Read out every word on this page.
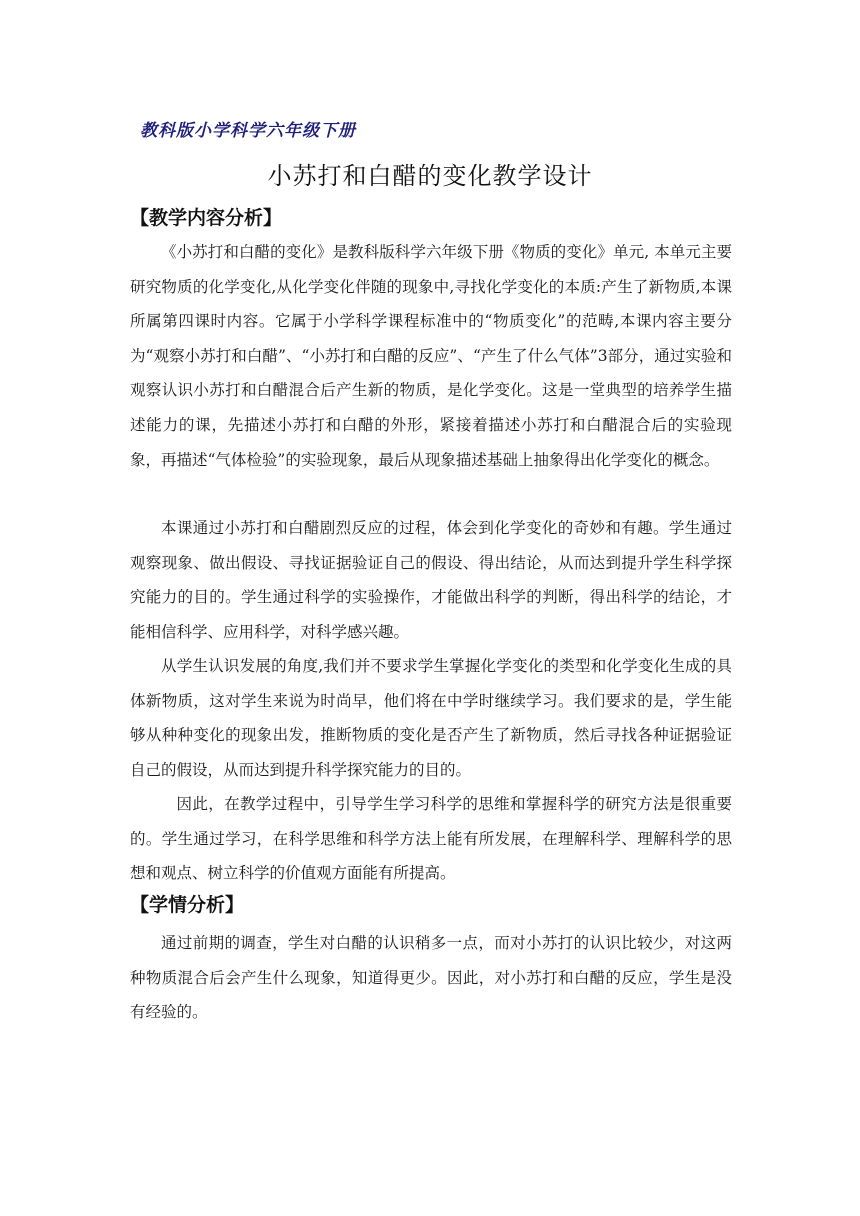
教科版小学科学六年级下册
小苏打和白醋的变化教学设计
【教学内容分析】

《小苏打和白醋的变化》是教科版科学六年级下册《物质的变化》单元, 本单元主要研究物质的化学变化,从化学变化伴随的现象中,寻找化学变化的本质:产生了新物质,本课所属第四课时内容。它属于小学科学课程标准中的“物质变化”的范畴,本课内容主要分为“观察小苏打和白醋”、“小苏打和白醋的反应”、“产生了什么气体”3部分，通过实验和观察认识小苏打和白醋混合后产生新的物质，是化学变化。这是一堂典型的培养学生描述能力的课，先描述小苏打和白醋的外形，紧接着描述小苏打和白醋混合后的实验现象，再描述“气体检验”的实验现象，最后从现象描述基础上抽象得出化学变化的概念。

本课通过小苏打和白醋剧烈反应的过程，体会到化学变化的奇妙和有趣。学生通过观察现象、做出假设、寻找证据验证自己的假设、得出结论，从而达到提升学生科学探究能力的目的。学生通过科学的实验操作，才能做出科学的判断，得出科学的结论，才能相信科学、应用科学，对科学感兴趣。

从学生认识发展的角度,我们并不要求学生掌握化学变化的类型和化学变化生成的具体新物质，这对学生来说为时尚早，他们将在中学时继续学习。我们要求的是，学生能够从种种变化的现象出发，推断物质的变化是否产生了新物质，然后寻找各种证据验证自己的假设，从而达到提升科学探究能力的目的。

因此，在教学过程中，引导学生学习科学的思维和掌握科学的研究方法是很重要的。学生通过学习，在科学思维和科学方法上能有所发展，在理解科学、理解科学的思想和观点、树立科学的价值观方面能有所提高。

【学情分析】

通过前期的调查，学生对白醋的认识稍多一点，而对小苏打的认识比较少，对这两种物质混合后会产生什么现象，知道得更少。因此，对小苏打和白醋的反应，学生是没有经验的。
